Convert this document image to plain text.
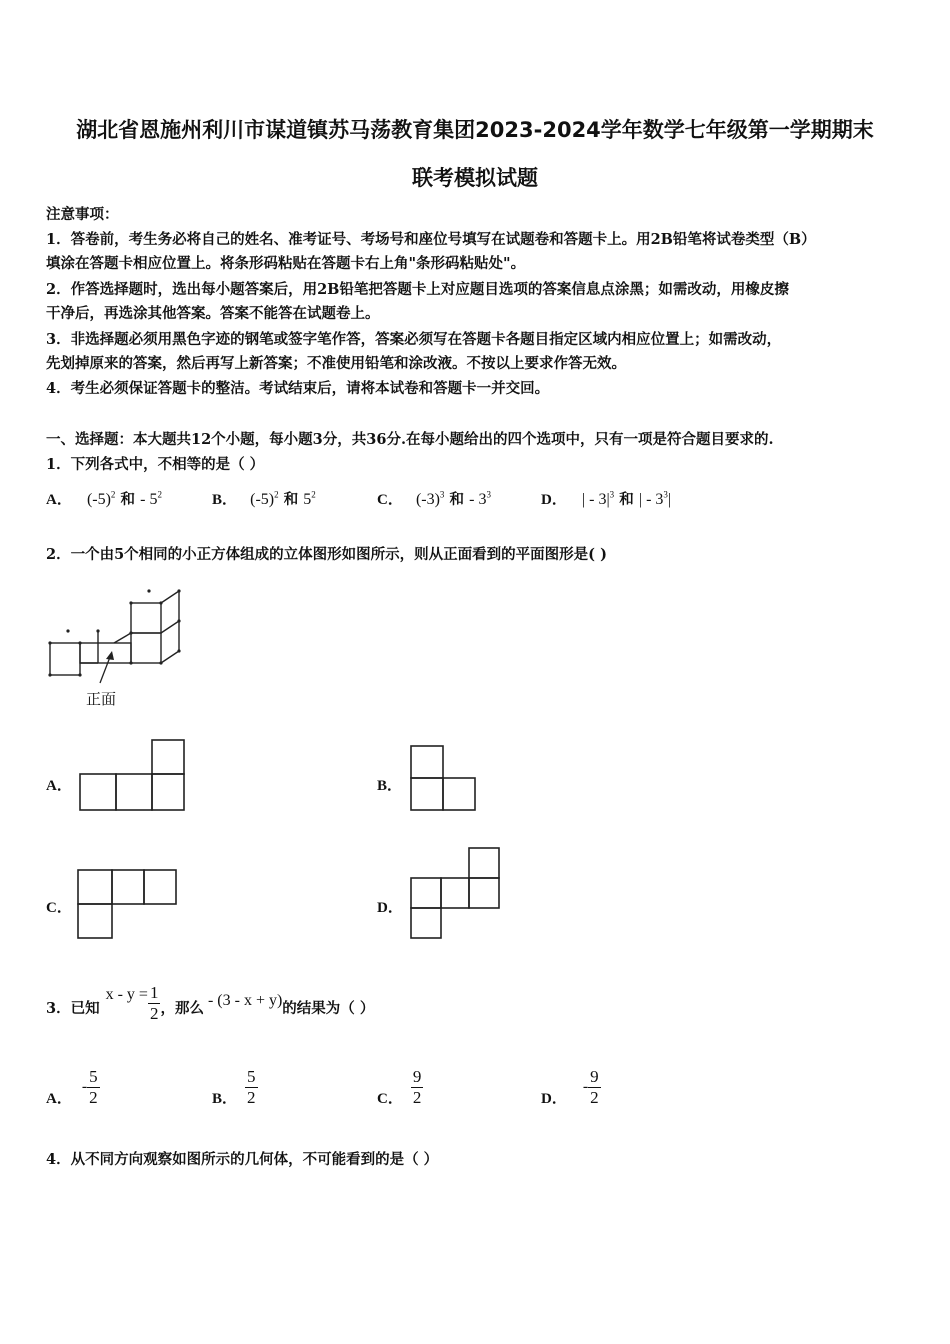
湖北省恩施州利川市谋道镇苏马荡教育集团2023-2024学年数学七年级第一学期期末
联考模拟试题
注意事项：
1．答卷前，考生务必将自己的姓名、准考证号、考场号和座位号填写在试题卷和答题卡上。用2B铅笔将试卷类型（B）
填涂在答题卡相应位置上。将条形码粘贴在答题卡右上角"条形码粘贴处"。
2．作答选择题时，选出每小题答案后，用2B铅笔把答题卡上对应题目选项的答案信息点涂黑；如需改动，用橡皮擦
干净后，再选涂其他答案。答案不能答在试题卷上。
3．非选择题必须用黑色字迹的钢笔或签字笔作答，答案必须写在答题卡各题目指定区域内相应位置上；如需改动，
先划掉原来的答案，然后再写上新答案；不准使用铅笔和涂改液。不按以上要求作答无效。
4．考生必须保证答题卡的整洁。考试结束后，请将本试卷和答题卡一并交回。
一、选择题：本大题共12个小题，每小题3分，共36分.在每小题给出的四个选项中，只有一项是符合题目要求的.
1．下列各式中，不相等的是（ ）
A． $(-5)^2$ 和 - $5^2$	B． $(-5)^2$ 和 $5^2$	C． $(-3)^3$ 和 - $3^3$	D． | - $3|^3$ 和 | - $3^3|$
2．一个由5个相同的小正方体组成的立体图形如图所示，则从正面看到的平面图形是( )
正面
A．	B．
C．	D．
3．已知
$x - y = \frac{1}{2}$ ，那么 - (3 - x + y) 的结果为（ ）
A．
- $\frac{5}{2}$	B． $\frac{5}{2}$	C． $\frac{9}{2}$	D．
- $\frac{9}{2}$
4．从不同方向观察如图所示的几何体，不可能看到的是（ ）
